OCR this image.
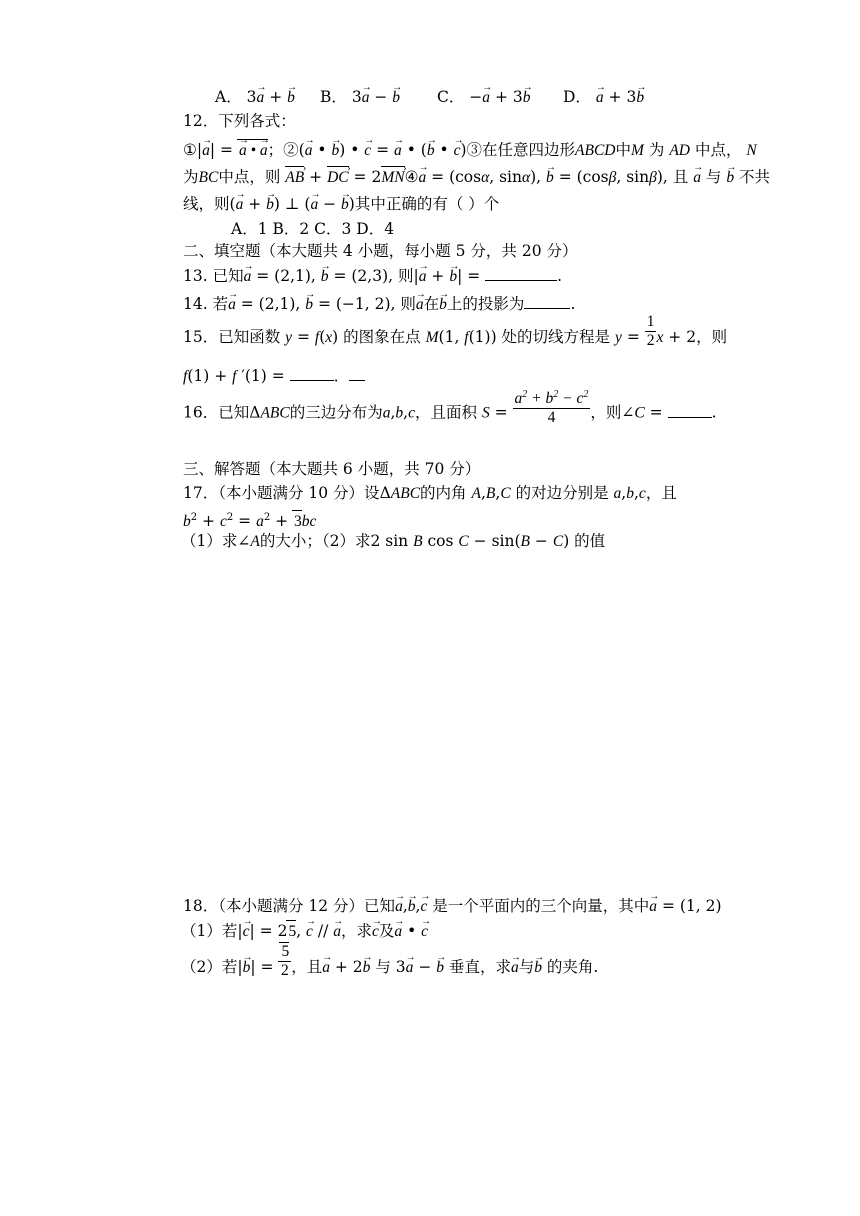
A． 3→ a + → b B． 3→ a − → b C． −→ a + 3→ b D． → a + 3→ b
12．下列各式：
①|→ a| = → a • → a；②(→ a • → b) • → c = → a • (→ b • → c)③在任意四边形ABCD中M 为 AD 中点， N
为BC中点，则 AB › + DC › = 2MN ›④→ a = (cosα, sinα), → b = (cosβ, sinβ), 且 → a 与 → b 不共
线，则(→ a + → b) ⊥ (→ a − → b)其中正确的有（ ）个
A．1 B．2 C．3 D．4
二、填空题（本大题共 4 小题，每小题 5 分，共 20 分）
13. 已知→ a = (2,1), → b = (2,3), 则|→ a + → b| =	.
14. 若→ a = (2,1), → b = (−1, 2), 则→ a在→ b上的投影为	.
15．已知函数 y = f(x) 的图象在点 M(1, f(1)) 处的切线方程是 $y = \frac{1}{2}$ x + 2，则
f(1) + f ′(1) =	．
16．已知ΔABC的三边分布为a,b,c，且面积 $S = \frac{a^2 + b^2 - c^2}{4}$ ，则∠C =	.
三、解答题（本大题共 6 小题，共 70 分）
17．（本小题满分 10 分）设ΔABC的内角 A,B,C 的对边分别是 a,b,c，且
$b^2 + c^2 = a^2 + 3bc$
（1）求∠A的大小；（2）求2 sin B cos C − sin(B − C) 的值
18．（本小题满分 12 分）已知→ a,→ b,→ c 是一个平面内的三个向量，其中→ a = (1, 2)
（1）若|→ c| = 25, → c // → a，求→ c及→ a • → c
（2）若|→ $b| = \frac{5}{2}$ ，且→ a + 2→ b 与 3→ a − → b 垂直，求→ a与→ b 的夹角.
